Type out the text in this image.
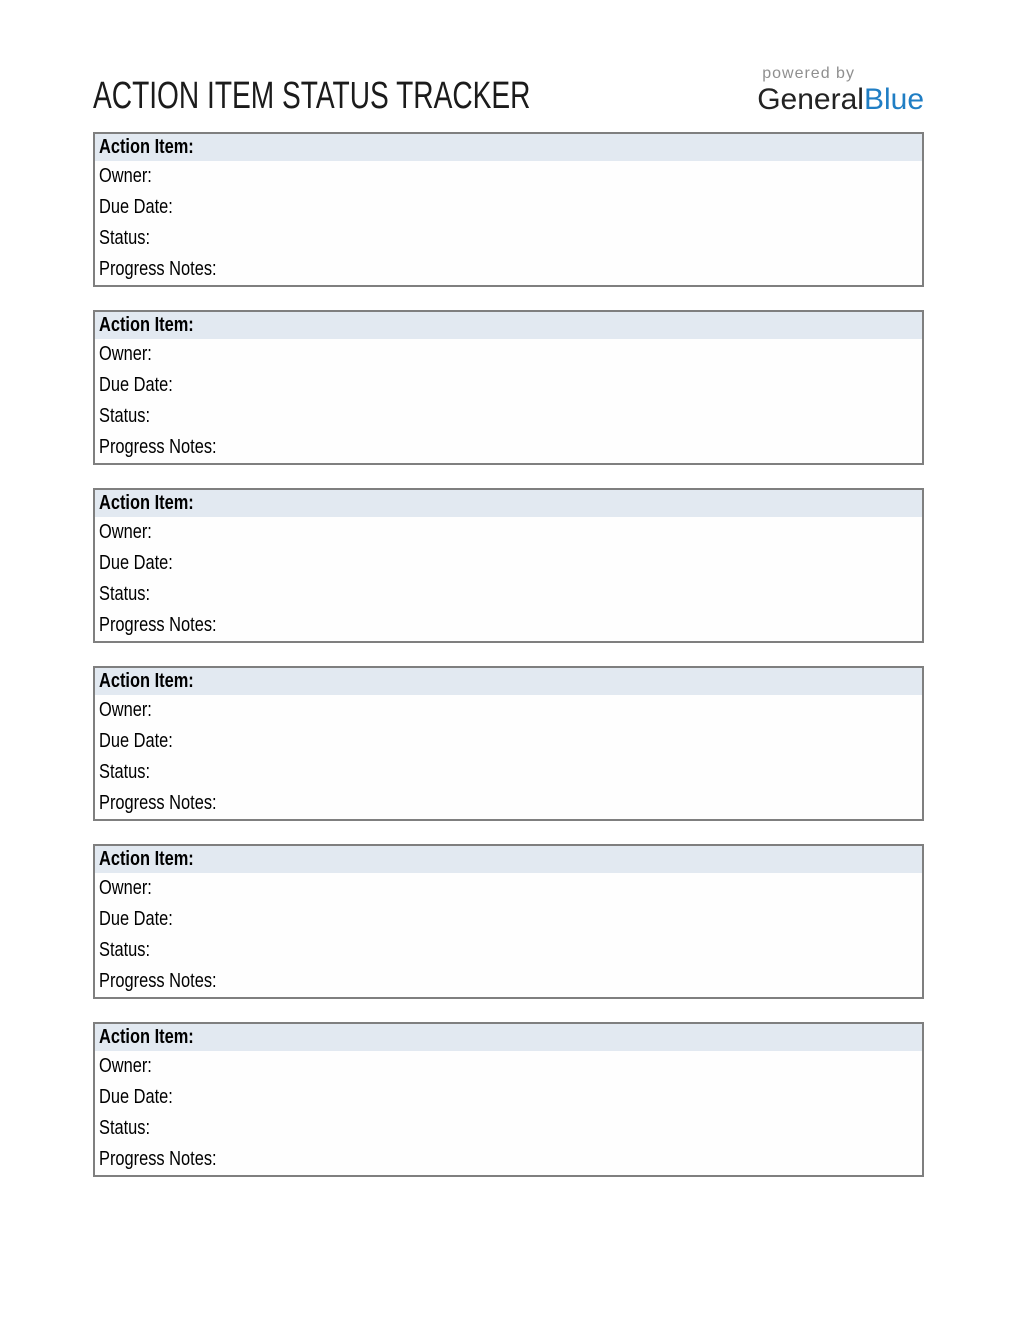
ACTION ITEM STATUS TRACKER
powered by
GeneralBlue
Action Item:
Owner:
Due Date:
Status:
Progress Notes:
Action Item:
Owner:
Due Date:
Status:
Progress Notes:
Action Item:
Owner:
Due Date:
Status:
Progress Notes:
Action Item:
Owner:
Due Date:
Status:
Progress Notes:
Action Item:
Owner:
Due Date:
Status:
Progress Notes:
Action Item:
Owner:
Due Date:
Status:
Progress Notes:
